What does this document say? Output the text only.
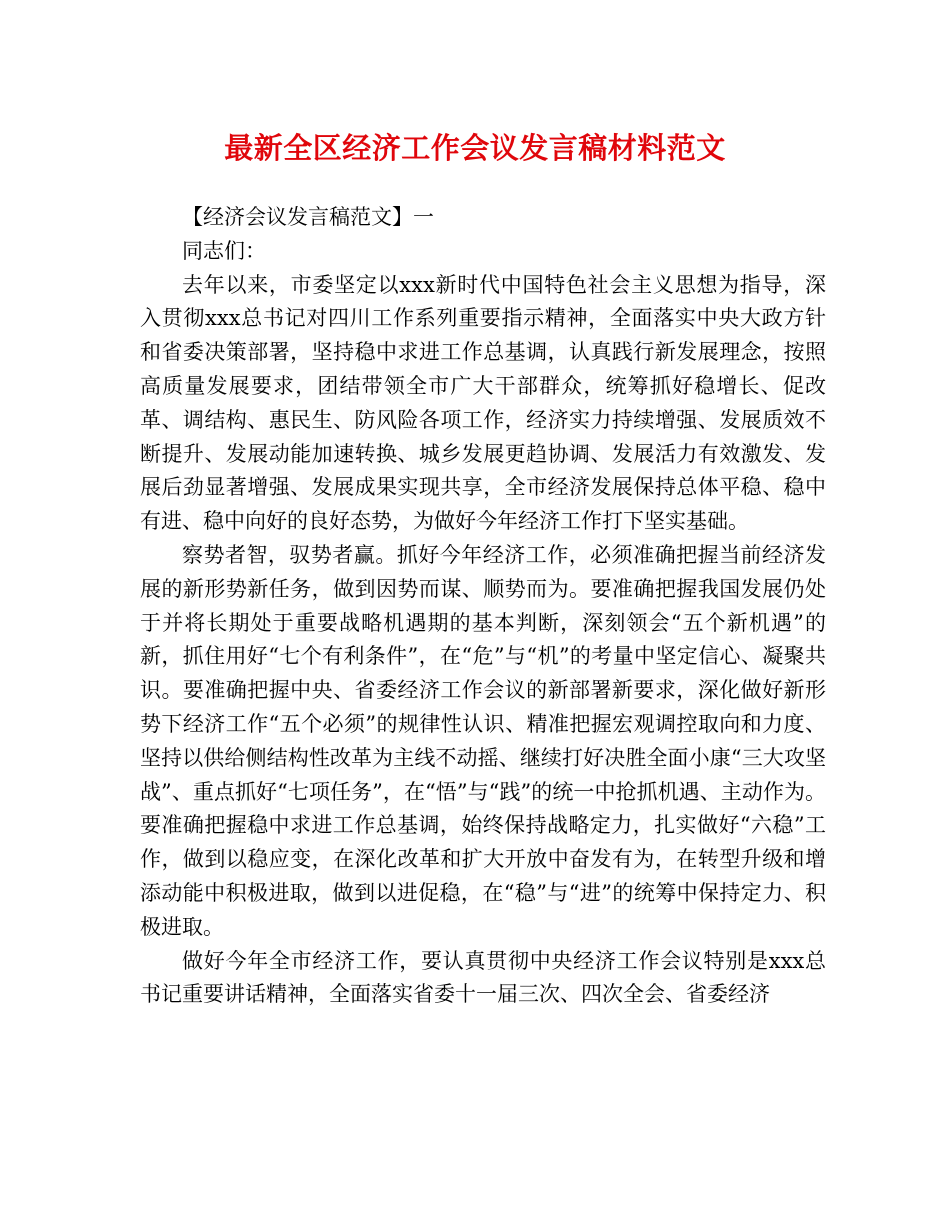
最新全区经济工作会议发言稿材料范文

【经济会议发言稿范文】一

同志们：

去年以来，市委坚定以xxx新时代中国特色社会主义思想为指导，深入贯彻xxx总书记对四川工作系列重要指示精神，全面落实中央大政方针和省委决策部署，坚持稳中求进工作总基调，认真践行新发展理念，按照高质量发展要求，团结带领全市广大干部群众，统筹抓好稳增长、促改革、调结构、惠民生、防风险各项工作，经济实力持续增强、发展质效不断提升、发展动能加速转换、城乡发展更趋协调、发展活力有效激发、发展后劲显著增强、发展成果实现共享，全市经济发展保持总体平稳、稳中有进、稳中向好的良好态势，为做好今年经济工作打下坚实基础。

察势者智，驭势者赢。抓好今年经济工作，必须准确把握当前经济发展的新形势新任务，做到因势而谋、顺势而为。要准确把握我国发展仍处于并将长期处于重要战略机遇期的基本判断，深刻领会“五个新机遇”的新，抓住用好“七个有利条件”，在“危”与“机”的考量中坚定信心、凝聚共识。要准确把握中央、省委经济工作会议的新部署新要求，深化做好新形势下经济工作“五个必须”的规律性认识、精准把握宏观调控取向和力度、坚持以供给侧结构性改革为主线不动摇、继续打好决胜全面小康“三大攻坚战”、重点抓好“七项任务”，在“悟”与“践”的统一中抢抓机遇、主动作为。要准确把握稳中求进工作总基调，始终保持战略定力，扎实做好“六稳”工作，做到以稳应变，在深化改革和扩大开放中奋发有为，在转型升级和增添动能中积极进取，做到以进促稳，在“稳”与“进”的统筹中保持定力、积极进取。

做好今年全市经济工作，要认真贯彻中央经济工作会议特别是xxx总书记重要讲话精神，全面落实省委十一届三次、四次全会、省委经济
